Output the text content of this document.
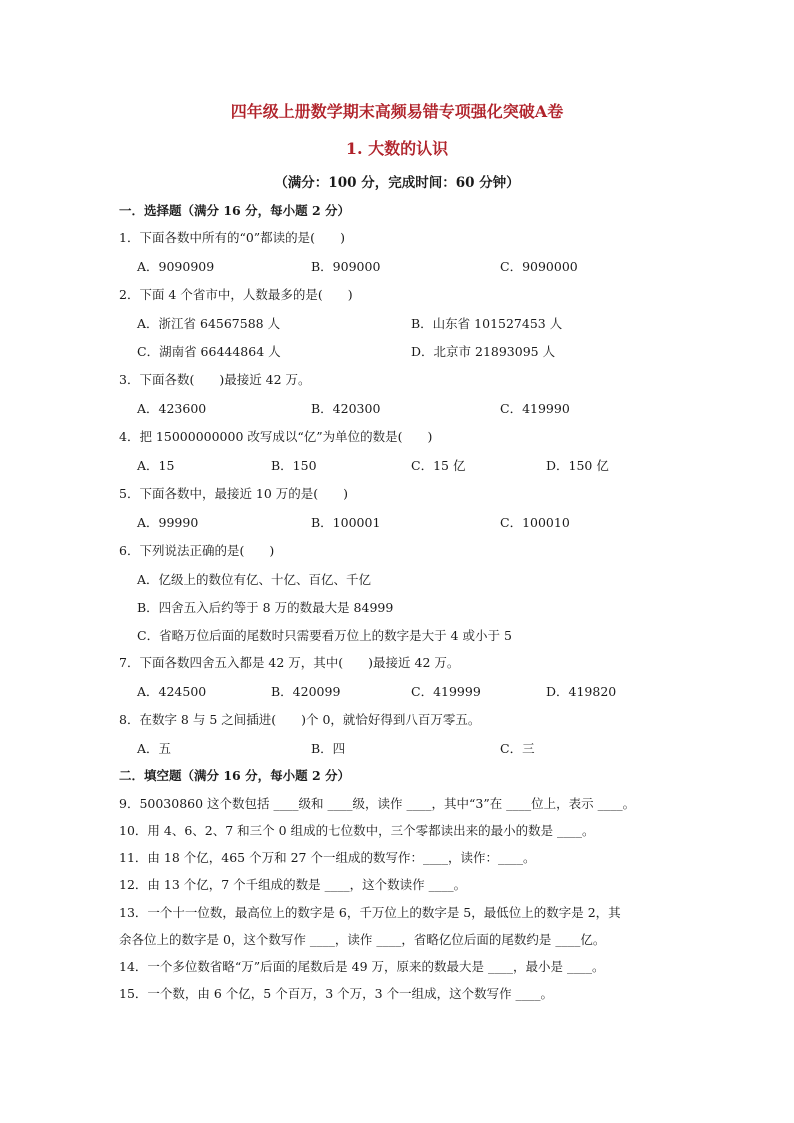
四年级上册数学期末高频易错专项强化突破A卷
1. 大数的认识
（满分：100 分，完成时间：60 分钟）
一．选择题（满分 16 分，每小题 2 分）
1．下面各数中所有的“0”都读的是(　　)
A．9090909	B．909000	C．9090000
2．下面 4 个省市中，人数最多的是(　　)
A．浙江省 64567588 人	B．山东省 101527453 人
C．湖南省 66444864 人	D．北京市 21893095 人
3．下面各数(　　)最接近 42 万。
A．423600	B．420300	C．419990
4．把 15000000000 改写成以“亿”为单位的数是(　　)
A．15	B．150	C．15 亿	D．150 亿
5．下面各数中，最接近 10 万的是(　　)
A．99990	B．100001	C．100010
6．下列说法正确的是(　　)
A．亿级上的数位有亿、十亿、百亿、千亿
B．四舍五入后约等于 8 万的数最大是 84999
C．省略万位后面的尾数时只需要看万位上的数字是大于 4 或小于 5
7．下面各数四舍五入都是 42 万，其中(　　)最接近 42 万。
A．424500	B．420099	C．419999	D．419820
8．在数字 8 与 5 之间插进(　　)个 0，就恰好得到八百万零五。
A．五	B．四	C．三
二．填空题（满分 16 分，每小题 2 分）
9．50030860 这个数包括 ____级和 ____级，读作 ____，其中“3”在 ____位上，表示 ____。
10．用 4、6、2、7 和三个 0 组成的七位数中，三个零都读出来的最小的数是 ____。
11．由 18 个亿，465 个万和 27 个一组成的数写作：____，读作：____。
12．由 13 个亿，7 个千组成的数是 ____，这个数读作 ____。
13．一个十一位数，最高位上的数字是 6，千万位上的数字是 5，最低位上的数字是 2，其
余各位上的数字是 0，这个数写作 ____，读作 ____，省略亿位后面的尾数约是 ____亿。
14．一个多位数省略“万”后面的尾数后是 49 万，原来的数最大是 ____，最小是 ____。
15．一个数，由 6 个亿，5 个百万，3 个万，3 个一组成，这个数写作 ____。
